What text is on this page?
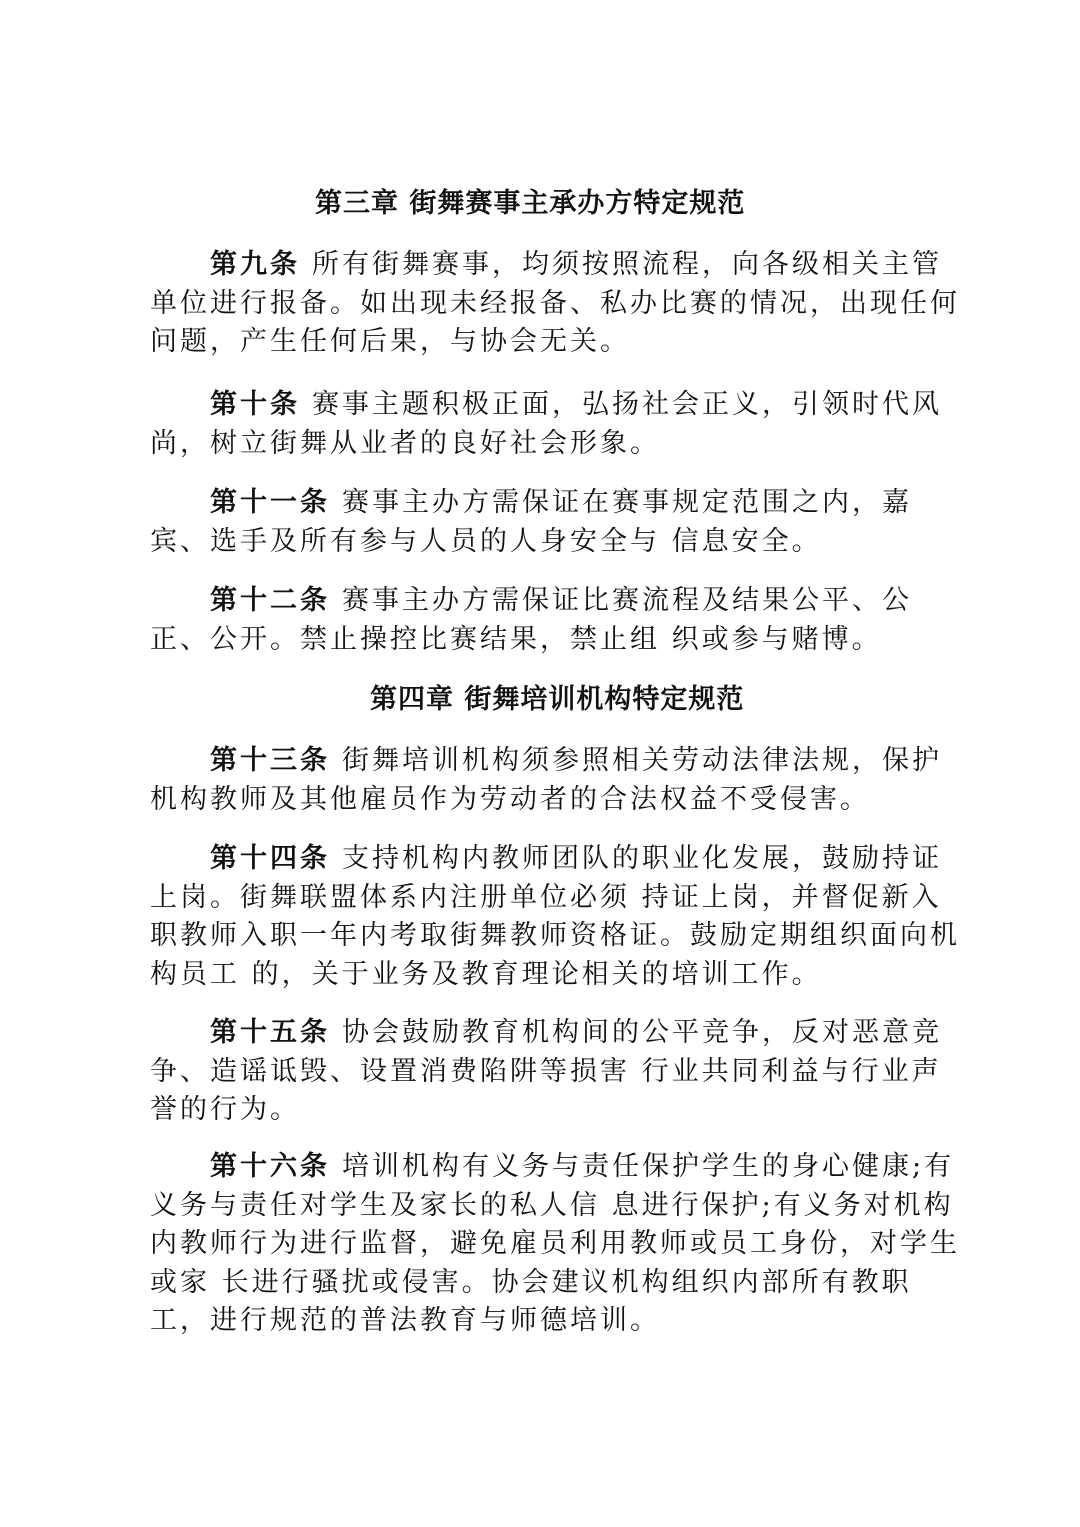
第三章 街舞赛事主承办方特定规范
第九条 所有街舞赛事，均须按照流程，向各级相关主管
单位进行报备。如出现未经报备、私办比赛的情况，出现任何
问题，产生任何后果，与协会无关。
第十条 赛事主题积极正面，弘扬社会正义，引领时代风
尚，树立街舞从业者的良好社会形象。
第十一条 赛事主办方需保证在赛事规定范围之内，嘉
宾、选手及所有参与人员的人身安全与 信息安全。
第十二条 赛事主办方需保证比赛流程及结果公平、公
正、公开。禁止操控比赛结果，禁止组 织或参与赌博。
第四章 街舞培训机构特定规范
第十三条 街舞培训机构须参照相关劳动法律法规，保护
机构教师及其他雇员作为劳动者的合法权益不受侵害。
第十四条 支持机构内教师团队的职业化发展，鼓励持证
上岗。街舞联盟体系内注册单位必须 持证上岗，并督促新入
职教师入职一年内考取街舞教师资格证。鼓励定期组织面向机
构员工 的，关于业务及教育理论相关的培训工作。
第十五条 协会鼓励教育机构间的公平竞争，反对恶意竞
争、造谣诋毁、设置消费陷阱等损害 行业共同利益与行业声
誉的行为。
第十六条 培训机构有义务与责任保护学生的身心健康;有
义务与责任对学生及家长的私人信 息进行保护;有义务对机构
内教师行为进行监督，避免雇员利用教师或员工身份，对学生
或家 长进行骚扰或侵害。协会建议机构组织内部所有教职
工，进行规范的普法教育与师德培训。
